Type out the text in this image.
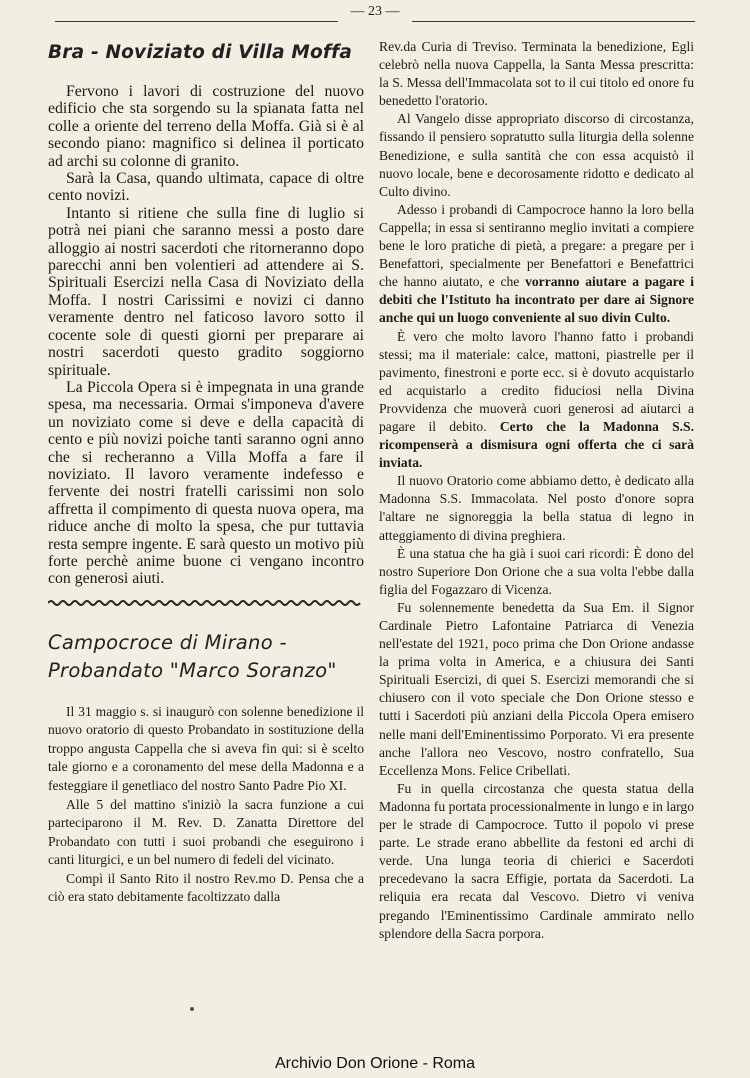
— 23 —
Bra - Noviziato di Villa Moffa

Fervono i lavori di costruzione del nuovo edificio che sta sorgendo su la spianata fatta nel colle a oriente del terreno della Moffa. Già si è al secondo piano: magnifico si delinea il porticato ad archi su colonne di granito.

Sarà la Casa, quando ultimata, capace di oltre cento novizi.

Intanto si ritiene che sulla fine di luglio si potrà nei piani che saranno messi a posto dare alloggio ai nostri sacerdoti che ritorneranno dopo parecchi anni ben volentieri ad attendere ai S. Spirituali Esercizi nella Casa di Noviziato della Moffa. I nostri Carissimi e novizi ci danno veramente dentro nel faticoso lavoro sotto il cocente sole di questi giorni per preparare ai nostri sacerdoti questo gradito soggiorno spirituale.

La Piccola Opera si è impegnata in una grande spesa, ma necessaria. Ormai s'imponeva d'avere un noviziato come si deve e della capacità di cento e più novizi poiche tanti saranno ogni anno che si recheranno a Villa Moffa a fare il noviziato. Il lavoro veramente indefesso e fervente dei nostri fratelli carissimi non solo affretta il compimento di questa nuova opera, ma riduce anche di molto la spesa, che pur tuttavia resta sempre ingente. E sarà questo un motivo più forte perchè anime buone ci vengano incontro con generosi aiuti.

Campocroce di Mirano - Probandato "Marco Soranzo"

Il 31 maggio s. si inaugurò con solenne benedizione il nuovo oratorio di questo Probandato in sostituzione della troppo angusta Cappella che si aveva fin qui: si è scelto tale giorno e a coronamento del mese della Madonna e a festeggiare il genetliaco del nostro Santo Padre Pio XI.

Alle 5 del mattino s'iniziò la sacra funzione a cui parteciparono il M. Rev. D. Zanatta Direttore del Probandato con tutti i suoi probandi che eseguirono i canti liturgici, e un bel numero di fedeli del vicinato.

Compì il Santo Rito il nostro Rev.mo D. Pensa che a ciò era stato debitamente facoltizzato dalla

Rev.da Curia di Treviso. Terminata la benedizione, Egli celebrò nella nuova Cappella, la Santa Messa prescritta: la S. Messa dell'Immacolata sot to il cui titolo ed onore fu benedetto l'oratorio.

Al Vangelo disse appropriato discorso di circostanza, fissando il pensiero sopratutto sulla liturgia della solenne Benedizione, e sulla santità che con essa acquistò il nuovo locale, bene e decorosamente ridotto e dedicato al Culto divino.

Adesso i probandi di Campocroce hanno la loro bella Cappella; in essa si sentiranno meglio invitati a compiere bene le loro pratiche di pietà, a pregare: a pregare per i Benefattori, specialmente per Benefattori e Benefattrici che hanno aiutato, e che vorranno aiutare a pagare i debiti che l'Istituto ha incontrato per dare ai Signore anche qui un luogo conveniente al suo divin Culto.

È vero che molto lavoro l'hanno fatto i probandi stessi; ma il materiale: calce, mattoni, piastrelle per il pavimento, finestroni e porte ecc. si è dovuto acquistarlo ed acquistarlo a credito fiduciosi nella Divina Provvidenza che muoverà cuori generosi ad aiutarci a pagare il debito. Certo che la Madonna S.S. ricompenserà a dismisura ogni offerta che ci sarà inviata.

Il nuovo Oratorio come abbiamo detto, è dedicato alla Madonna S.S. Immacolata. Nel posto d'onore sopra l'altare ne signoreggia la bella statua di legno in atteggiamento di divina preghiera.

È una statua che ha già i suoi cari ricordi: È dono del nostro Superiore Don Orione che a sua volta l'ebbe dalla figlia del Fogazzaro di Vicenza.

Fu solennemente benedetta da Sua Em. il Signor Cardinale Pietro Lafontaine Patriarca di Venezia nell'estate del 1921, poco prima che Don Orione andasse la prima volta in America, e a chiusura dei Santi Spirituali Esercizi, di quei S. Esercizi memorandi che si chiusero con il voto speciale che Don Orione stesso e tutti i Sacerdoti più anziani della Piccola Opera emisero nelle mani dell'Eminentissimo Porporato. Vi era presente anche l'allora neo Vescovo, nostro confratello, Sua Eccellenza Mons. Felice Cribellati.

Fu in quella circostanza che questa statua della Madonna fu portata processionalmente in lungo e in largo per le strade di Campocroce. Tutto il popolo vi prese parte. Le strade erano abbellite da festoni ed archi di verde. Una lunga teoria di chierici e Sacerdoti precedevano la sacra Effigie, portata da Sacerdoti. La reliquia era recata dal Vescovo. Dietro vi veniva pregando l'Eminentissimo Cardinale ammirato nello splendore della Sacra porpora.

Archivio Don Orione - Roma
